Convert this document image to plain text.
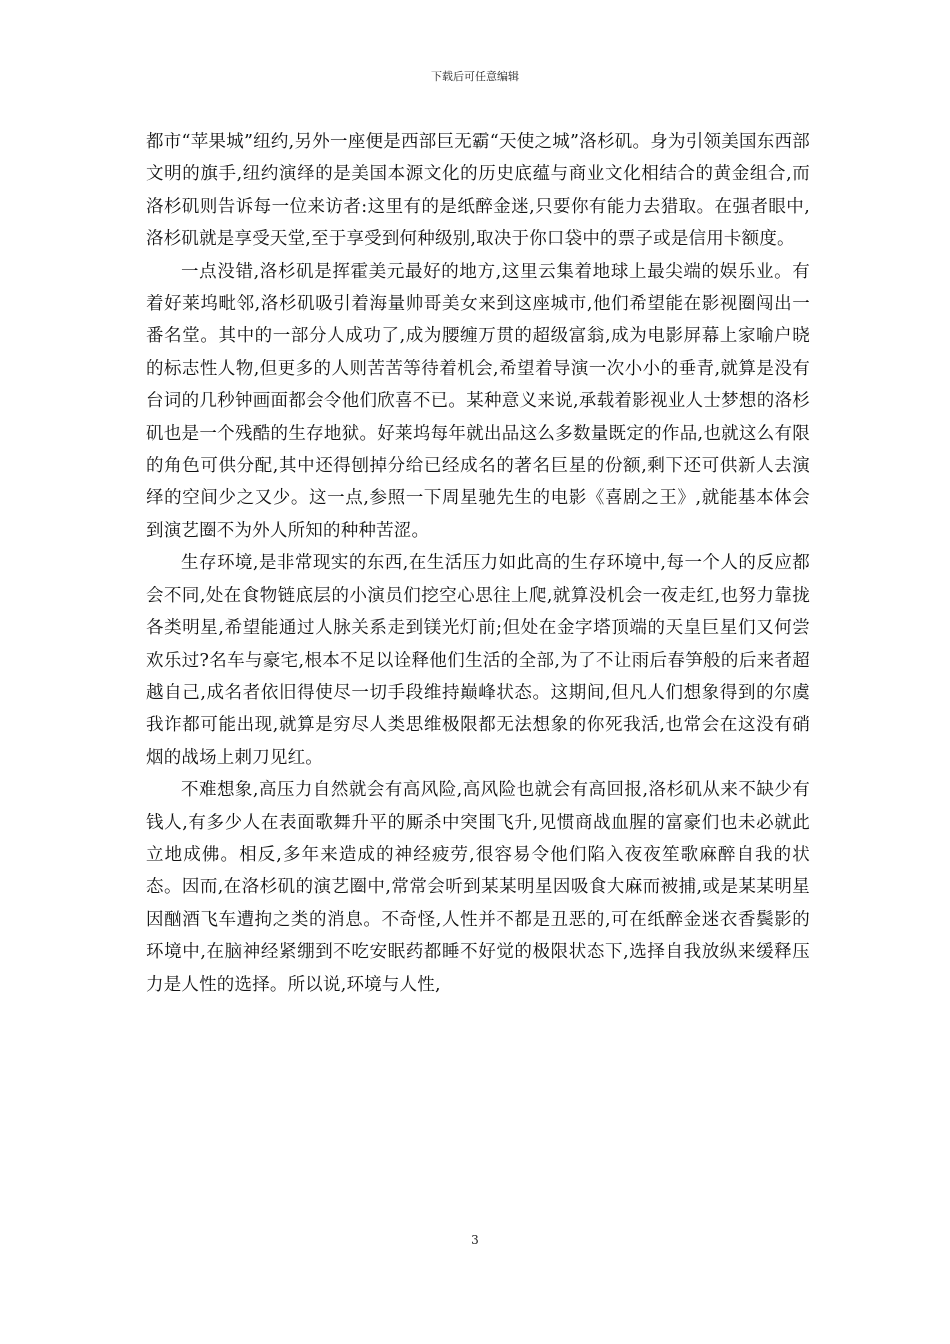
下载后可任意编辑

都市“苹果城”纽约,另外一座便是西部巨无霸“天使之城”洛杉矶。身为引领美国东西部文明的旗手,纽约演绎的是美国本源文化的历史底蕴与商业文化相结合的黄金组合,而洛杉矶则告诉每一位来访者:这里有的是纸醉金迷,只要你有能力去猎取。在强者眼中,洛杉矶就是享受天堂,至于享受到何种级别,取决于你口袋中的票子或是信用卡额度。

一点没错,洛杉矶是挥霍美元最好的地方,这里云集着地球上最尖端的娱乐业。有着好莱坞毗邻,洛杉矶吸引着海量帅哥美女来到这座城市,他们希望能在影视圈闯出一番名堂。其中的一部分人成功了,成为腰缠万贯的超级富翁,成为电影屏幕上家喻户晓的标志性人物,但更多的人则苦苦等待着机会,希望着导演一次小小的垂青,就算是没有台词的几秒钟画面都会令他们欣喜不已。某种意义来说,承载着影视业人士梦想的洛杉矶也是一个残酷的生存地狱。好莱坞每年就出品这么多数量既定的作品,也就这么有限的角色可供分配,其中还得刨掉分给已经成名的著名巨星的份额,剩下还可供新人去演绎的空间少之又少。这一点,参照一下周星驰先生的电影《喜剧之王》,就能基本体会到演艺圈不为外人所知的种种苦涩。

生存环境,是非常现实的东西,在生活压力如此高的生存环境中,每一个人的反应都会不同,处在食物链底层的小演员们挖空心思往上爬,就算没机会一夜走红,也努力靠拢各类明星,希望能通过人脉关系走到镁光灯前;但处在金字塔顶端的天皇巨星们又何尝欢乐过?名车与豪宅,根本不足以诠释他们生活的全部,为了不让雨后春笋般的后来者超越自己,成名者依旧得使尽一切手段维持巅峰状态。这期间,但凡人们想象得到的尔虞我诈都可能出现,就算是穷尽人类思维极限都无法想象的你死我活,也常会在这没有硝烟的战场上刺刀见红。

不难想象,高压力自然就会有高风险,高风险也就会有高回报,洛杉矶从来不缺少有钱人,有多少人在表面歌舞升平的厮杀中突围飞升,见惯商战血腥的富豪们也未必就此立地成佛。相反,多年来造成的神经疲劳,很容易令他们陷入夜夜笙歌麻醉自我的状态。因而,在洛杉矶的演艺圈中,常常会听到某某明星因吸食大麻而被捕,或是某某明星因酗酒飞车遭拘之类的消息。不奇怪,人性并不都是丑恶的,可在纸醉金迷衣香鬓影的环境中,在脑神经紧绷到不吃安眠药都睡不好觉的极限状态下,选择自我放纵来缓释压力是人性的选择。所以说,环境与人性,

3
